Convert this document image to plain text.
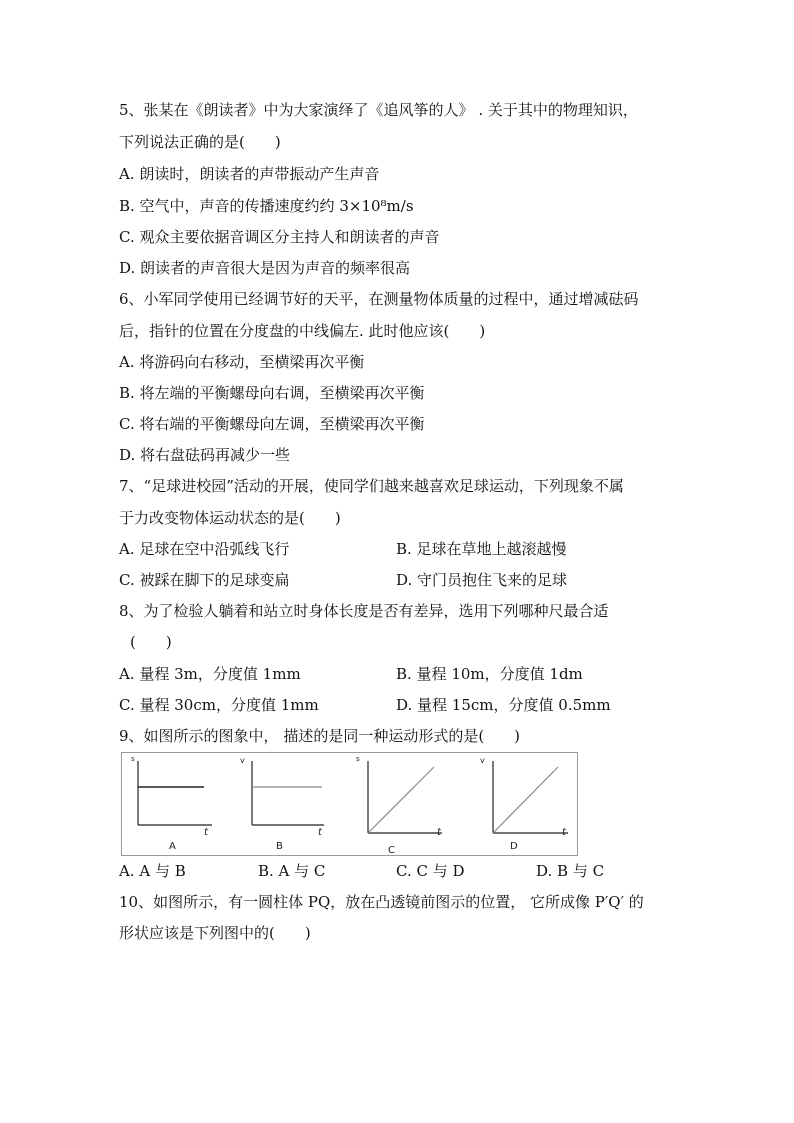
5、张某在《朗读者》中为大家演绎了《追风筝的人》 . 关于其中的物理知识，
下列说法正确的是(　　)
A. 朗读时，朗读者的声带振动产生声音
B. 空气中，声音的传播速度约约 3×10⁸m/s
C. 观众主要依据音调区分主持人和朗读者的声音
D. 朗读者的声音很大是因为声音的频率很高
6、小军同学使用已经调节好的天平，在测量物体质量的过程中，通过增减砝码
后，指针的位置在分度盘的中线偏左. 此时他应该(　　)
A. 将游码向右移动，至横梁再次平衡
B. 将左端的平衡螺母向右调，至横梁再次平衡
C. 将右端的平衡螺母向左调，至横梁再次平衡
D. 将右盘砝码再减少一些
7、“足球进校园”活动的开展，使同学们越来越喜欢足球运动，下列现象不属
于力改变物体运动状态的是(　　)
A. 足球在空中沿弧线飞行	B. 足球在草地上越滚越慢
C. 被踩在脚下的足球变扁	D. 守门员抱住飞来的足球
8、为了检验人躺着和站立时身体长度是否有差异，选用下列哪种尺最合适
(　　)
A. 量程 3m，分度值 1mm	B. 量程 10m，分度值 1dm
C. 量程 30cm，分度值 1mm	D. 量程 15cm，分度值 0.5mm
9、如图所示的图象中， 描述的是同一种运动形式的是(　　)
s
t
A
v
t
B
s
t
C
v
t
D
A. A 与 B	B. A 与 C	C. C 与 D	D. B 与 C
10、如图所示，有一圆柱体 PQ，放在凸透镜前图示的位置， 它所成像 P′Q′ 的
形状应该是下列图中的(　　)
